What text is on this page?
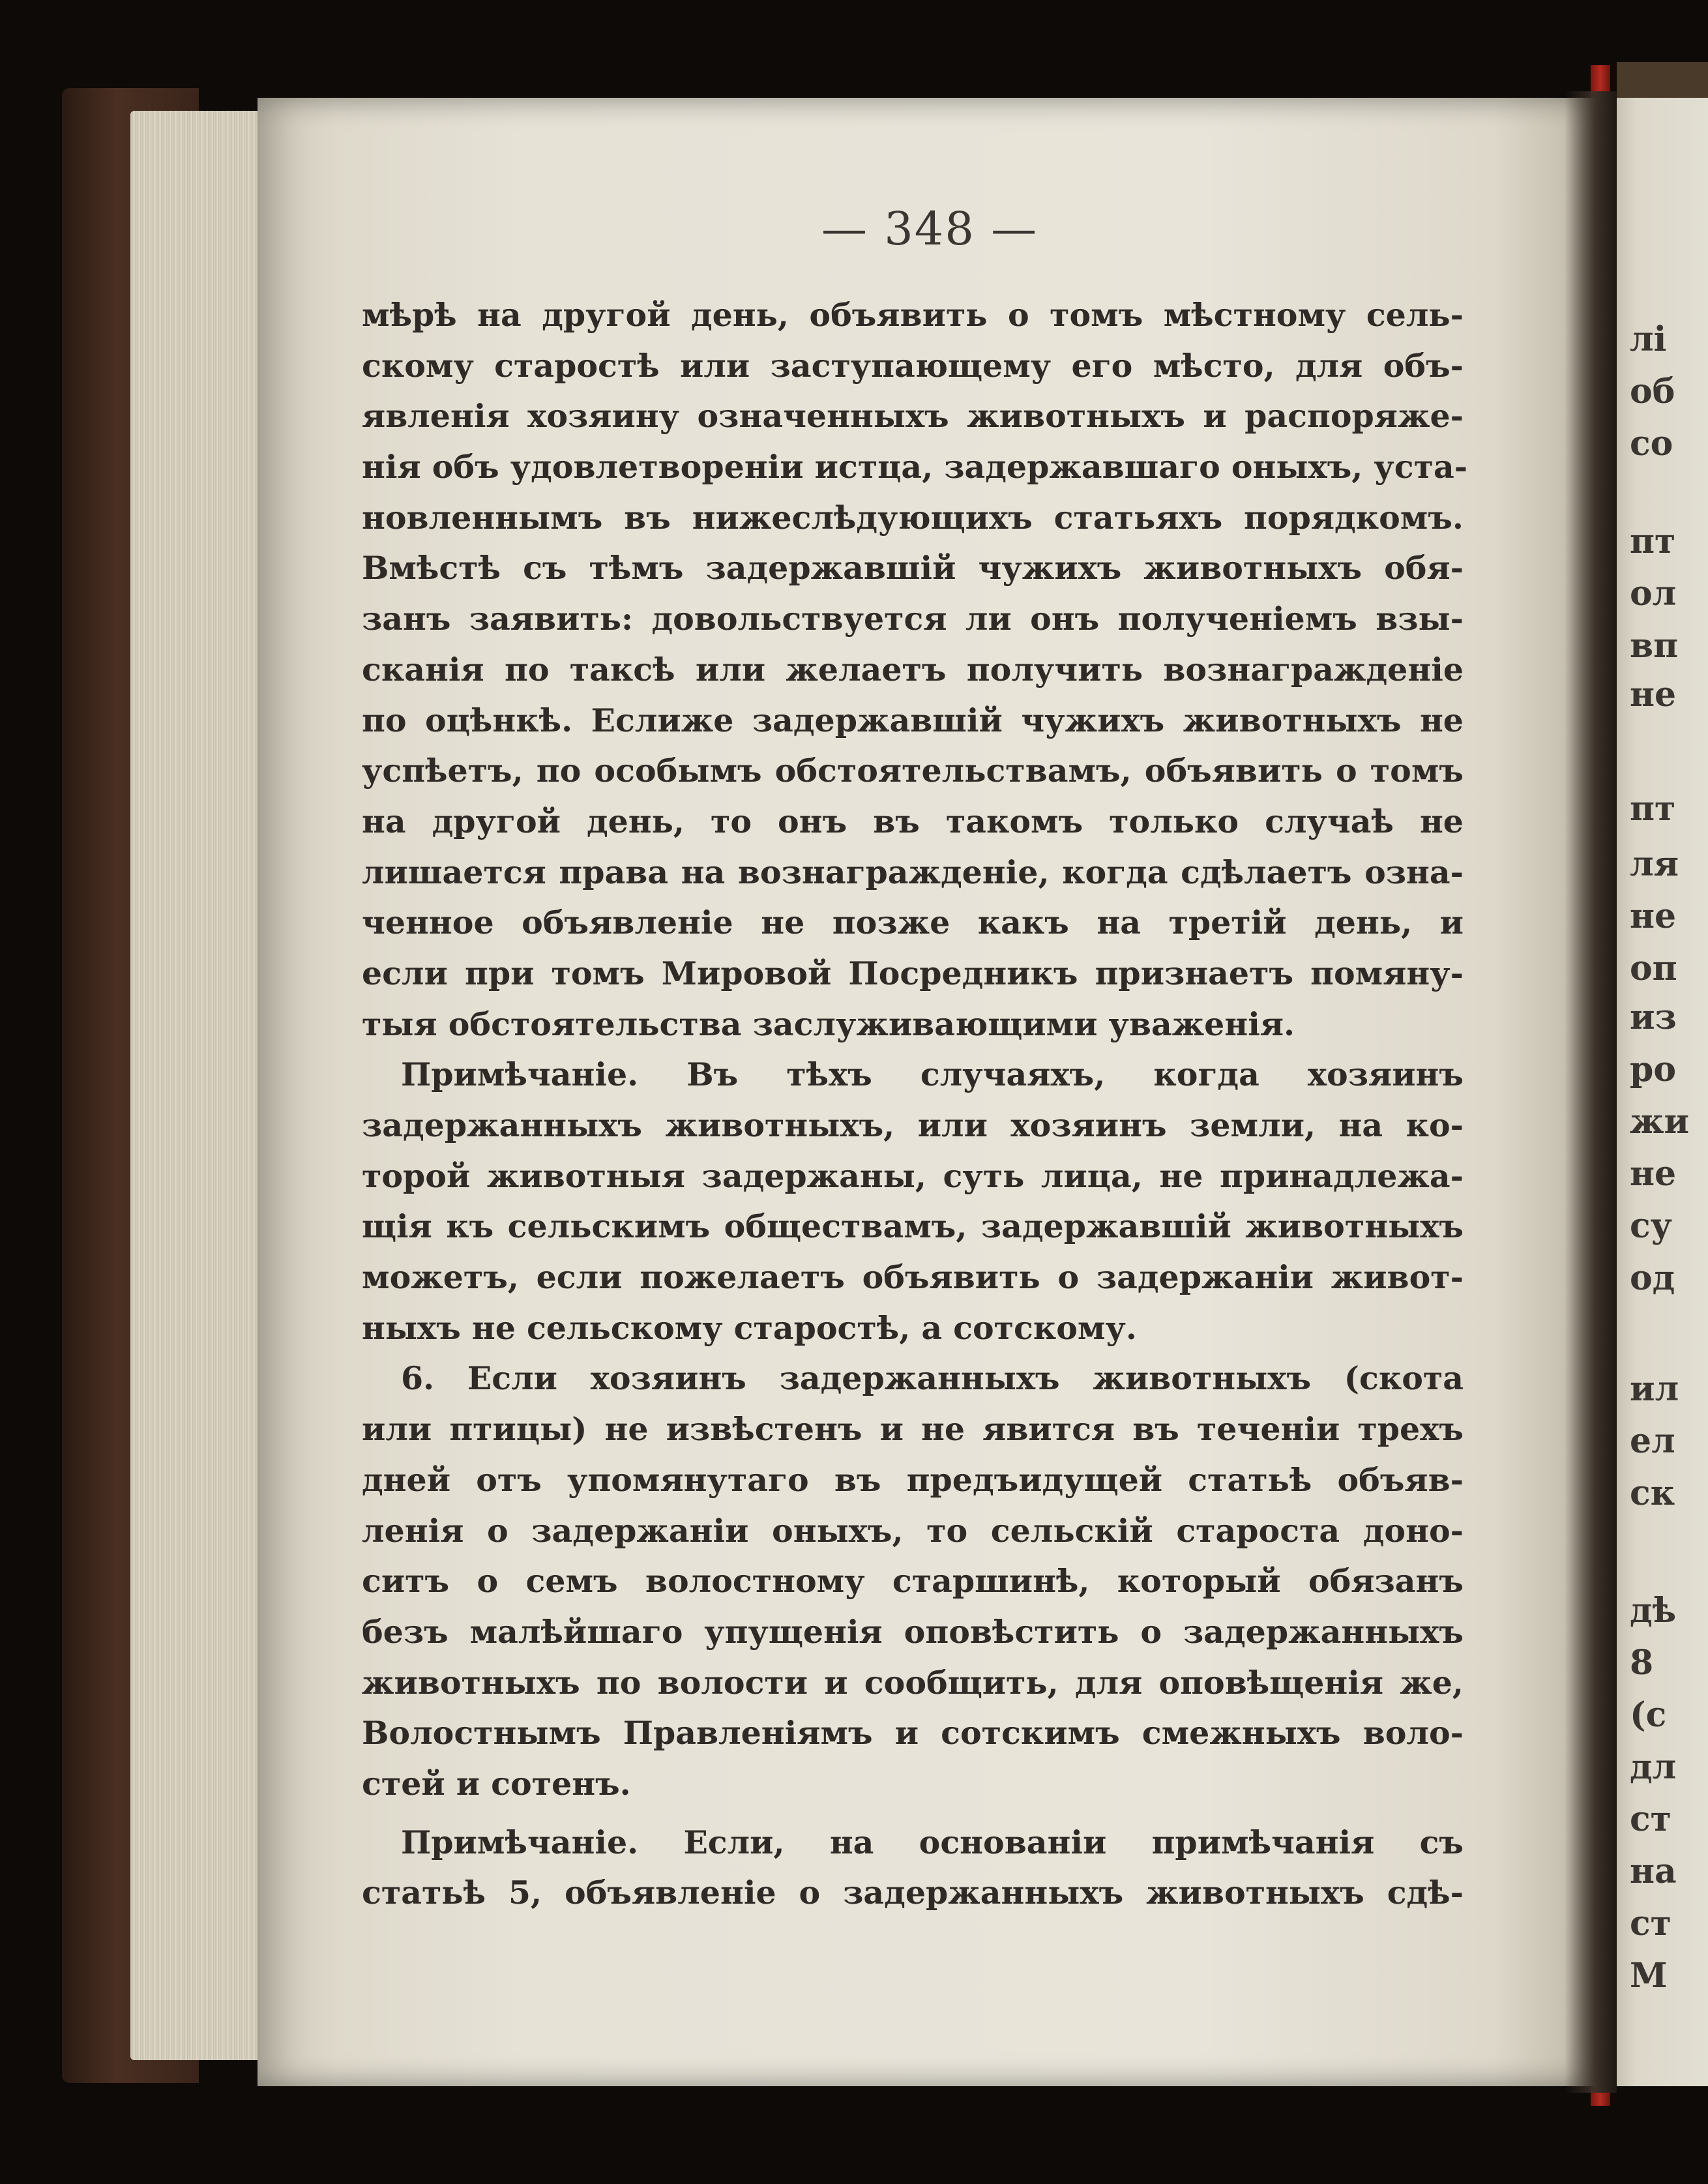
лі
об
со
пт
ол
вп
не
пт
ля
не
оп
из
ро
жи
не
су
од
ил
ел
ск
дѣ
8
(с
дл
ст
на
ст
М
— 348 —
мѣрѣ на другой день, объявить о томъ мѣстному сель-
скому старостѣ или заступающему его мѣсто, для объ-
явленія хозяину означенныхъ животныхъ и распоряже-
нія объ удовлетвореніи истца, задержавшаго оныхъ, уста-
новленнымъ въ нижеслѣдующихъ статьяхъ порядкомъ.
Вмѣстѣ съ тѣмъ задержавшій чужихъ животныхъ обя-
занъ заявить: довольствуется ли онъ полученіемъ взы-
сканія по таксѣ или желаетъ получить вознагражденіе
по оцѣнкѣ. Еслиже задержавшій чужихъ животныхъ не
успѣетъ, по особымъ обстоятельствамъ, объявить о томъ
на другой день, то онъ въ такомъ только случаѣ не
лишается права на вознагражденіе, когда сдѣлаетъ озна-
ченное объявленіе не позже какъ на третій день, и
если при томъ Мировой Посредникъ признаетъ помяну-
тыя обстоятельства заслуживающими уваженія.
Примѣчаніе. Въ тѣхъ случаяхъ, когда хозяинъ
задержанныхъ животныхъ, или хозяинъ земли, на ко-
торой животныя задержаны, суть лица, не принадлежа-
щія къ сельскимъ обществамъ, задержавшій животныхъ
можетъ, если пожелаетъ объявить о задержаніи живот-
ныхъ не сельскому старостѣ, а сотскому.
6. Если хозяинъ задержанныхъ животныхъ (скота
или птицы) не извѣстенъ и не явится въ теченіи трехъ
дней отъ упомянутаго въ предъидущей статьѣ объяв-
ленія о задержаніи оныхъ, то сельскій староста доно-
ситъ о семъ волостному старшинѣ, который обязанъ
безъ малѣйшаго упущенія оповѣстить о задержанныхъ
животныхъ по волости и сообщить, для оповѣщенія же,
Волостнымъ Правленіямъ и сотскимъ смежныхъ воло-
стей и сотенъ.
Примѣчаніе. Если, на основаніи примѣчанія съ
статьѣ 5, объявленіе о задержанныхъ животныхъ сдѣ-
